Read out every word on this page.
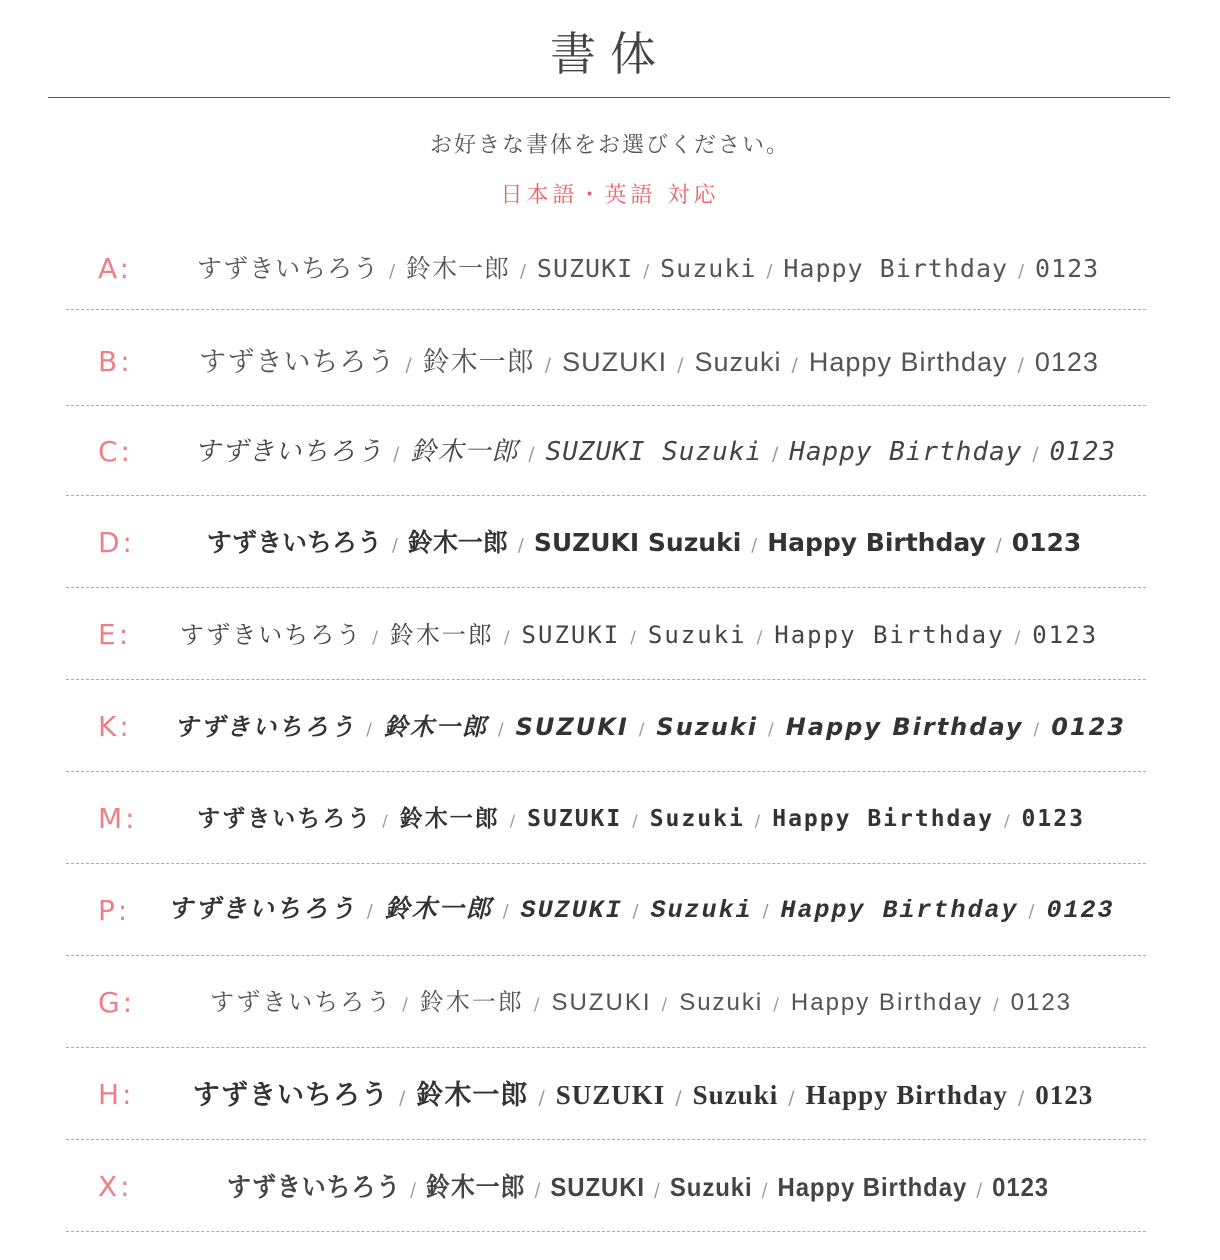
書体
お好きな書体をお選びください。
日本語・英語 対応
A:	すずきいちろう / 鈴木一郎 / SUZUKI / Suzuki / Happy Birthday / 0123
B:	すずきいちろう / 鈴木一郎 / SUZUKI / Suzuki / Happy Birthday / 0123
C: すずきいちろう / 鈴木一郎 / SUZUKI Suzuki / Happy Birthday / 0123
D:	すずきいちろう / 鈴木一郎 / SUZUKI Suzuki / Happy Birthday / 0123
E: すずきいちろう / 鈴木一郎 / SUZUKI / Suzuki / Happy Birthday / 0123
K: すずきいちろう / 鈴木一郎 / SUZUKI / Suzuki / Happy Birthday / 0123
M:	すずきいちろう / 鈴木一郎 / SUZUKI / Suzuki / Happy Birthday / 0123
P: すずきいちろう / 鈴木一郎 / SUZUKI / Suzuki / Happy Birthday / 0123
G:	すずきいちろう / 鈴木一郎 / SUZUKI / Suzuki / Happy Birthday / 0123
H:	すずきいちろう / 鈴木一郎 / SUZUKI / Suzuki / Happy Birthday / 0123
X:	すずきいちろう / 鈴木一郎 / SUZUKI / Suzuki / Happy Birthday / 0123
